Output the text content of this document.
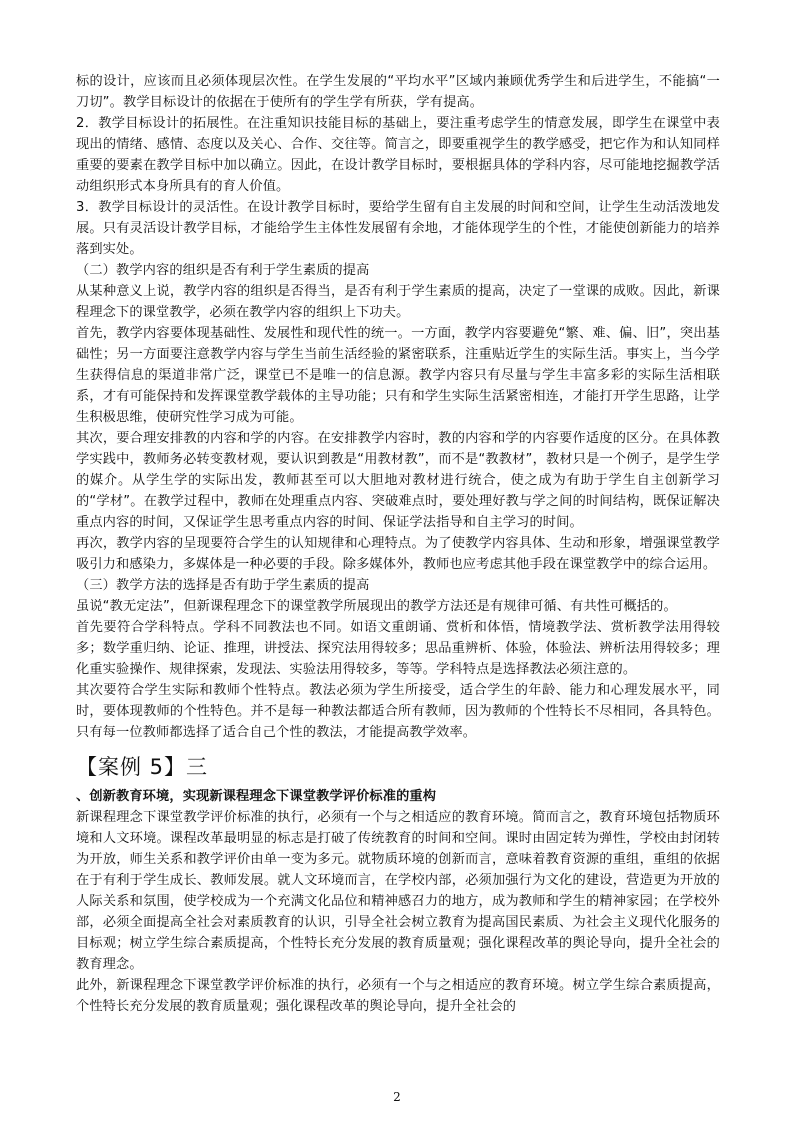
标的设计，应该而且必须体现层次性。在学生发展的“平均水平”区域内兼顾优秀学生和后进学生，不能搞“一刀切”。教学目标设计的依据在于使所有的学生学有所获，学有提高。

2．教学目标设计的拓展性。在注重知识技能目标的基础上，要注重考虑学生的情意发展，即学生在课堂中表现出的情绪、感情、态度以及关心、合作、交往等。简言之，即要重视学生的教学感受，把它作为和认知同样重要的要素在教学目标中加以确立。因此，在设计教学目标时，要根据具体的学科内容，尽可能地挖掘教学活动组织形式本身所具有的育人价值。

3．教学目标设计的灵活性。在设计教学目标时，要给学生留有自主发展的时间和空间，让学生生动活泼地发展。只有灵活设计教学目标，才能给学生主体性发展留有余地，才能体现学生的个性，才能使创新能力的培养落到实处。

（二）教学内容的组织是否有利于学生素质的提高

从某种意义上说，教学内容的组织是否得当，是否有利于学生素质的提高，决定了一堂课的成败。因此，新课程理念下的课堂教学，必须在教学内容的组织上下功夫。

首先，教学内容要体现基础性、发展性和现代性的统一。一方面，教学内容要避免“繁、难、偏、旧”，突出基础性；另一方面要注意教学内容与学生当前生活经验的紧密联系，注重贴近学生的实际生活。事实上，当今学生获得信息的渠道非常广泛，课堂已不是唯一的信息源。教学内容只有尽量与学生丰富多彩的实际生活相联系，才有可能保持和发挥课堂教学载体的主导功能；只有和学生实际生活紧密相连，才能打开学生思路，让学生积极思维，使研究性学习成为可能。

其次，要合理安排教的内容和学的内容。在安排教学内容时，教的内容和学的内容要作适度的区分。在具体教学实践中，教师务必转变教材观，要认识到教是“用教材教”，而不是“教教材”，教材只是一个例子，是学生学的媒介。从学生学的实际出发，教师甚至可以大胆地对教材进行统合，使之成为有助于学生自主创新学习的“学材”。在教学过程中，教师在处理重点内容、突破难点时，要处理好教与学之间的时间结构，既保证解决重点内容的时间，又保证学生思考重点内容的时间、保证学法指导和自主学习的时间。

再次，教学内容的呈现要符合学生的认知规律和心理特点。为了使教学内容具体、生动和形象，增强课堂教学吸引力和感染力，多媒体是一种必要的手段。除多媒体外，教师也应考虑其他手段在课堂教学中的综合运用。

（三）教学方法的选择是否有助于学生素质的提高

虽说“教无定法”，但新课程理念下的课堂教学所展现出的教学方法还是有规律可循、有共性可概括的。

首先要符合学科特点。学科不同教法也不同。如语文重朗诵、赏析和体悟，情境教学法、赏析教学法用得较多；数学重归纳、论证、推理，讲授法、探究法用得较多；思品重辨析、体验，体验法、辨析法用得较多；理化重实验操作、规律探索，发现法、实验法用得较多，等等。学科特点是选择教法必须注意的。

其次要符合学生实际和教师个性特点。教法必须为学生所接受，适合学生的年龄、能力和心理发展水平，同时，要体现教师的个性特色。并不是每一种教法都适合所有教师，因为教师的个性特长不尽相同，各具特色。只有每一位教师都选择了适合自己个性的教法，才能提高教学效率。

【案例 5】三

、创新教育环境，实现新课程理念下课堂教学评价标准的重构

新课程理念下课堂教学评价标准的执行，必须有一个与之相适应的教育环境。简而言之，教育环境包括物质环境和人文环境。课程改革最明显的标志是打破了传统教育的时间和空间。课时由固定转为弹性，学校由封闭转为开放，师生关系和教学评价由单一变为多元。就物质环境的创新而言，意味着教育资源的重组，重组的依据在于有利于学生成长、教师发展。就人文环境而言，在学校内部，必须加强行为文化的建设，营造更为开放的人际关系和氛围，使学校成为一个充满文化品位和精神感召力的地方，成为教师和学生的精神家园；在学校外部，必须全面提高全社会对素质教育的认识，引导全社会树立教育为提高国民素质、为社会主义现代化服务的目标观；树立学生综合素质提高，个性特长充分发展的教育质量观；强化课程改革的舆论导向，提升全社会的教育理念。

此外，新课程理念下课堂教学评价标准的执行，必须有一个与之相适应的教育环境。树立学生综合素质提高，个性特长充分发展的教育质量观；强化课程改革的舆论导向，提升全社会的

2
